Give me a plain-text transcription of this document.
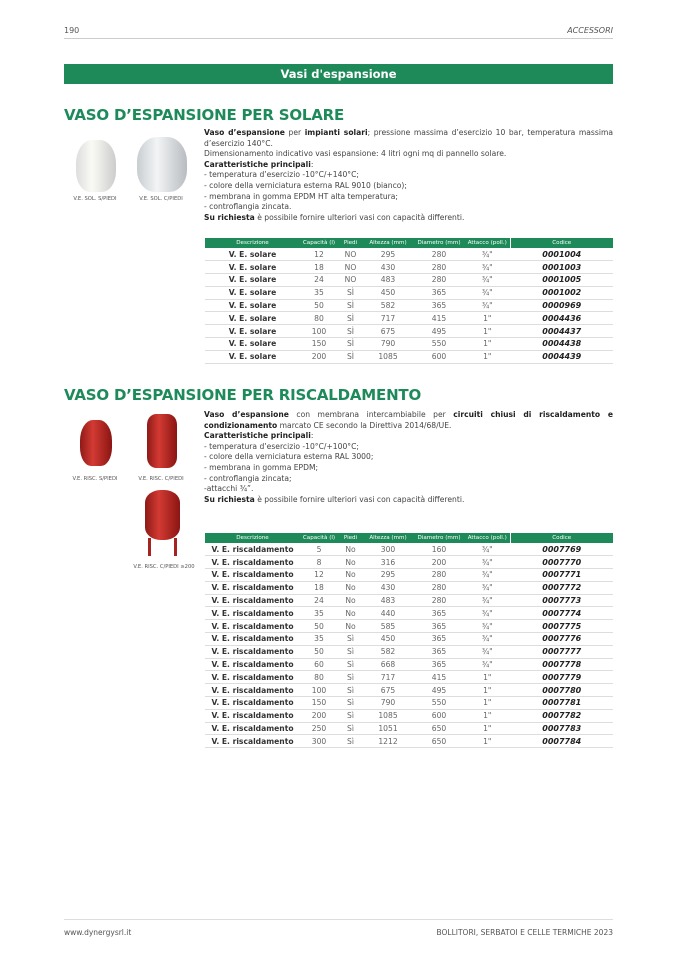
190	ACCESSORI
Vasi d'espansione
VASO D’ESPANSIONE PER SOLARE
V.E. SOL. S/PIEDI	V.E. SOL. C/PIEDI
Vaso d’espansione per impianti solari; pressione massima d’esercizio 10 bar, temperatura massima d’esercizio 140°C.
Dimensionamento indicativo vasi espansione: 4 litri ogni mq di pannello solare.
Caratteristiche principali:
- temperatura d’esercizio -10°C/+140°C;
- colore della verniciatura esterna RAL 9010 (bianco);
- membrana in gomma EPDM HT alta temperatura;
- controflangia zincata.
Su richiesta è possibile fornire ulteriori vasi con capacità differenti.
Descrizione	Capacità (l)	Piedi	Altezza (mm)	Diametro (mm)	Attacco (poll.)	Codice
V. E. solare	12	NO	295	280	¾"	0001004
V. E. solare	18	NO	430	280	¾"	0001003
V. E. solare	24	NO	483	280	¾"	0001005
V. E. solare	35	SÌ	450	365	¾"	0001002
V. E. solare	50	SÌ	582	365	¾"	0000969
V. E. solare	80	SÌ	717	415	1"	0004436
V. E. solare	100	SÌ	675	495	1"	0004437
V. E. solare	150	SÌ	790	550	1"	0004438
V. E. solare	200	SÌ	1085	600	1"	0004439
VASO D’ESPANSIONE PER RISCALDAMENTO
V.E. RISC. S/PIEDI	V.E. RISC. C/PIEDI
V.E. RISC. C/PIEDI ≥200
Vaso d’espansione con membrana intercambiabile per circuiti chiusi di riscaldamento e condizionamento marcato CE secondo la Direttiva 2014/68/UE.
Caratteristiche principali:
- temperatura d’esercizio -10°C/+100°C;
- colore della verniciatura esterna RAL 3000;
- membrana in gomma EPDM;
- controflangia zincata;
-attacchi ¾”.
Su richiesta è possibile fornire ulteriori vasi con capacità differenti.
Descrizione	Capacità (l)	Piedi	Altezza (mm)	Diametro (mm)	Attacco (poll.)	Codice
V. E. riscaldamento	5	No	300	160	¾"	0007769
V. E. riscaldamento	8	No	316	200	¾"	0007770
V. E. riscaldamento	12	No	295	280	¾"	0007771
V. E. riscaldamento	18	No	430	280	¾"	0007772
V. E. riscaldamento	24	No	483	280	¾"	0007773
V. E. riscaldamento	35	No	440	365	¾"	0007774
V. E. riscaldamento	50	No	585	365	¾"	0007775
V. E. riscaldamento	35	Sì	450	365	¾"	0007776
V. E. riscaldamento	50	Sì	582	365	¾"	0007777
V. E. riscaldamento	60	Sì	668	365	¾"	0007778
V. E. riscaldamento	80	Sì	717	415	1"	0007779
V. E. riscaldamento	100	Sì	675	495	1"	0007780
V. E. riscaldamento	150	Sì	790	550	1"	0007781
V. E. riscaldamento	200	Sì	1085	600	1"	0007782
V. E. riscaldamento	250	Sì	1051	650	1"	0007783
V. E. riscaldamento	300	Sì	1212	650	1"	0007784
www.dynergysrl.it	BOLLITORI, SERBATOI E CELLE TERMICHE 2023
